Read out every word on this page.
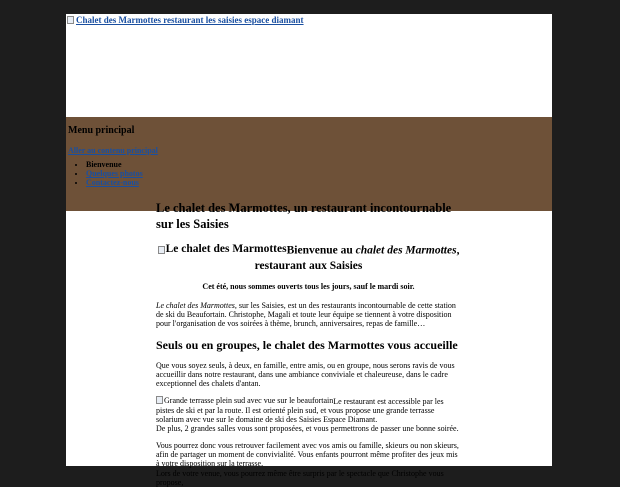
Chalet des Marmottes restaurant les saisies espace diamant
Menu principal
Aller au contenu principal
• Bienvenue
• Quelques photos
• Contactez-nous
Le chalet des Marmottes, un restaurant incontournable sur les Saisies
Le chalet des Marmottes Bienvenue au chalet des Marmottes, restaurant aux Saisies
Cet été, nous sommes ouverts tous les jours, sauf le mardi soir.
Le chalet des Marmottes, sur les Saisies, est un des restaurants incontournable de cette station de ski du Beaufortain. Christophe, Magali et toute leur équipe se tiennent à votre disposition pour l'organisation de vos soirées à thème, brunch, anniversaires, repas de famille…
Seuls ou en groupes, le chalet des Marmottes vous accueille
Que vous soyez seuls, à deux, en famille, entre amis, ou en groupe, nous serons ravis de vous accueillir dans notre restaurant, dans une ambiance conviviale et chaleureuse, dans le cadre exceptionnel des chalets d'antan.
Grande terrasse plein sud avec vue sur le beaufortain Le restaurant est accessible par les pistes de ski et par la route. Il est orienté plein sud, et vous propose une grande terrasse solarium avec vue sur le domaine de ski des Saisies Espace Diamant.
De plus, 2 grandes salles vous sont proposées, et vous permettrons de passer une bonne soirée.
Vous pourrez donc vous retrouver facilement avec vos amis ou famille, skieurs ou non skieurs, afin de partager un moment de convivialité. Vous enfants pourront même profiter des jeux mis à votre disposition sur la terrasse.
Lors de votre venue, vous pourrez même être surpris par le spectacle que Christophe vous propose,
